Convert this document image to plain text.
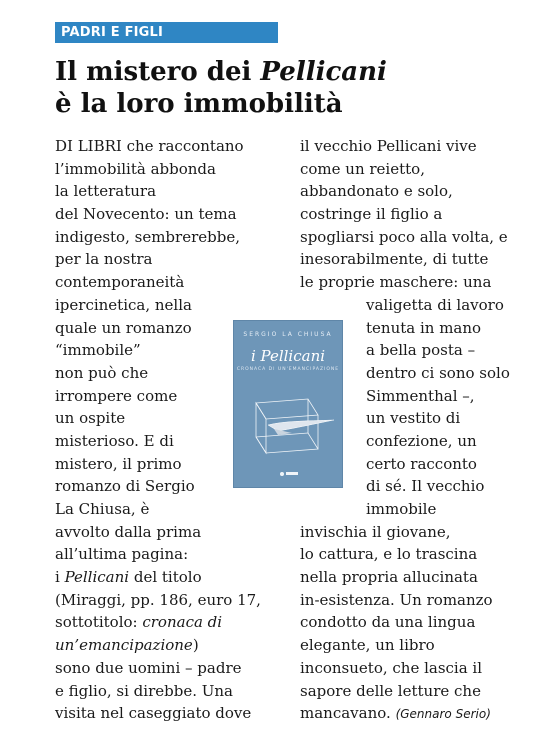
PADRI E FIGLI
Il mistero dei Pellicani
è la loro immobilità
DI LIBRI che raccontano
l’immobilità abbonda
la letteratura
del Novecento: un tema
indigesto, sembrerebbe,
per la nostra
contemporaneità
ipercinetica, nella
quale un romanzo
“immobile”
non può che
irrompere come
un ospite
misterioso. E di
mistero, il primo
romanzo di Sergio
La Chiusa, è
avvolto dalla prima
all’ultima pagina:
i Pellicani del titolo
(Miraggi, pp. 186, euro 17,
sottotitolo: cronaca di
un’emancipazione)
sono due uomini – padre
e figlio, si direbbe. Una
visita nel caseggiato dove
il vecchio Pellicani vive
come un reietto,
abbandonato e solo,
costringe il figlio a
spogliarsi poco alla volta, e
inesorabilmente, di tutte
le proprie maschere: una
valigetta di lavoro
tenuta in mano
a bella posta –
dentro ci sono solo
Simmenthal –,
un vestito di
confezione, un
certo racconto
di sé. Il vecchio
immobile
invischia il giovane,
lo cattura, e lo trascina
nella propria allucinata
in-esistenza. Un romanzo
condotto da una lingua
elegante, un libro
inconsueto, che lascia il
sapore delle letture che
mancavano. (Gennaro Serio)
SERGIO LA CHIUSA
i Pellicani
CRONACA DI UN'EMANCIPAZIONE
